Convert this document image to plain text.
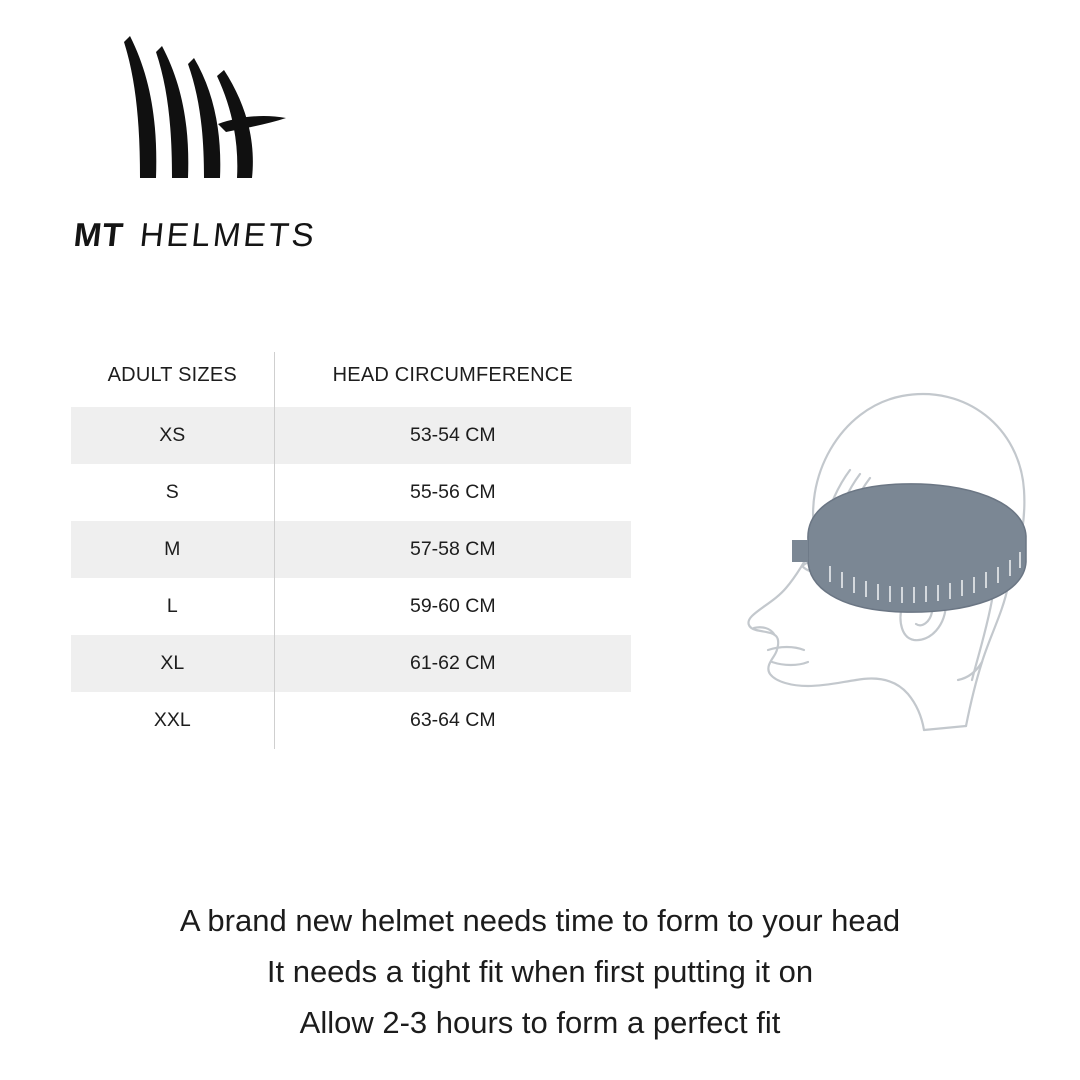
MT HELMETS
ADULT SIZES	HEAD CIRCUMFERENCE
XS	53-54 CM
S	55-56 CM
M	57-58 CM
L	59-60 CM
XL	61-62 CM
XXL	63-64 CM
A brand new helmet needs time to form to your head
It needs a tight fit when first putting it on
Allow 2-3 hours to form a perfect fit
